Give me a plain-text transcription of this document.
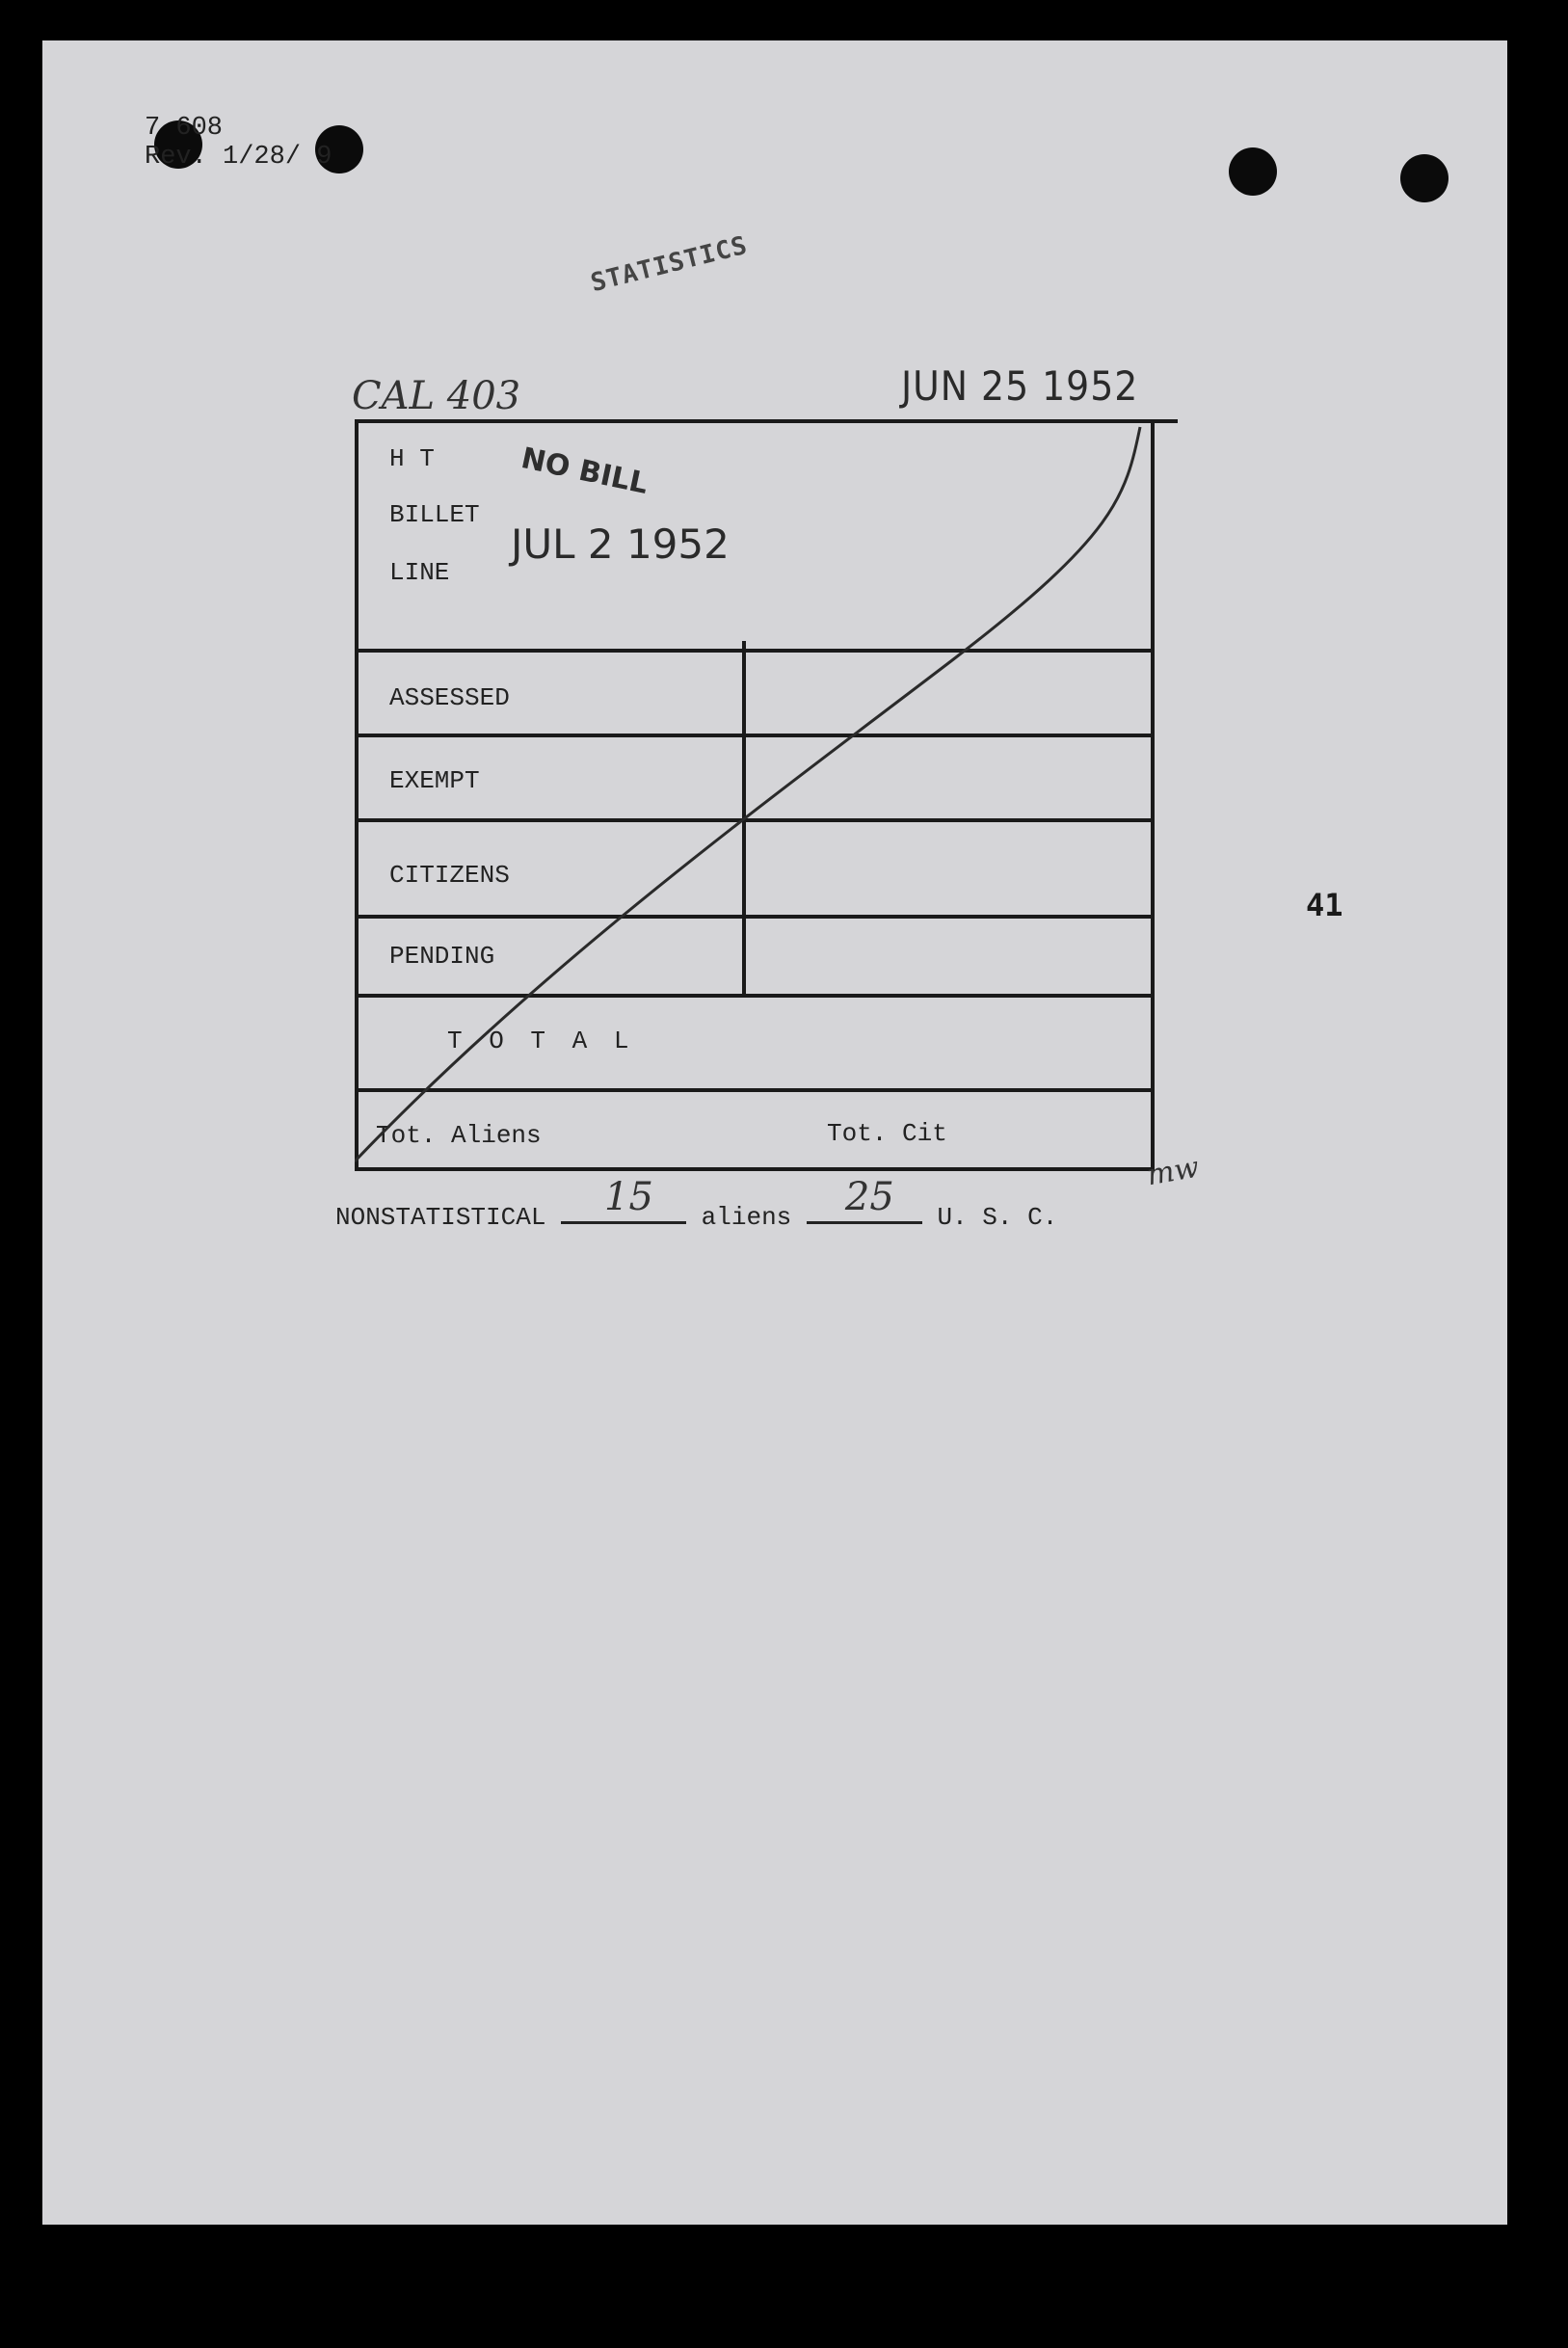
7 608
Rev. 1/28/ 9
STATISTICS
CAL 403	JUN 25 1952
H T
BILLET
LINE
ASSESSED
EXEMPT
CITIZENS
PENDING
T O T A L
Tot. Aliens	Tot. Cit
NO BILL
JUL 2 1952
NONSTATISTICAL 15 aliens 25 U. S. C.
mw
41
